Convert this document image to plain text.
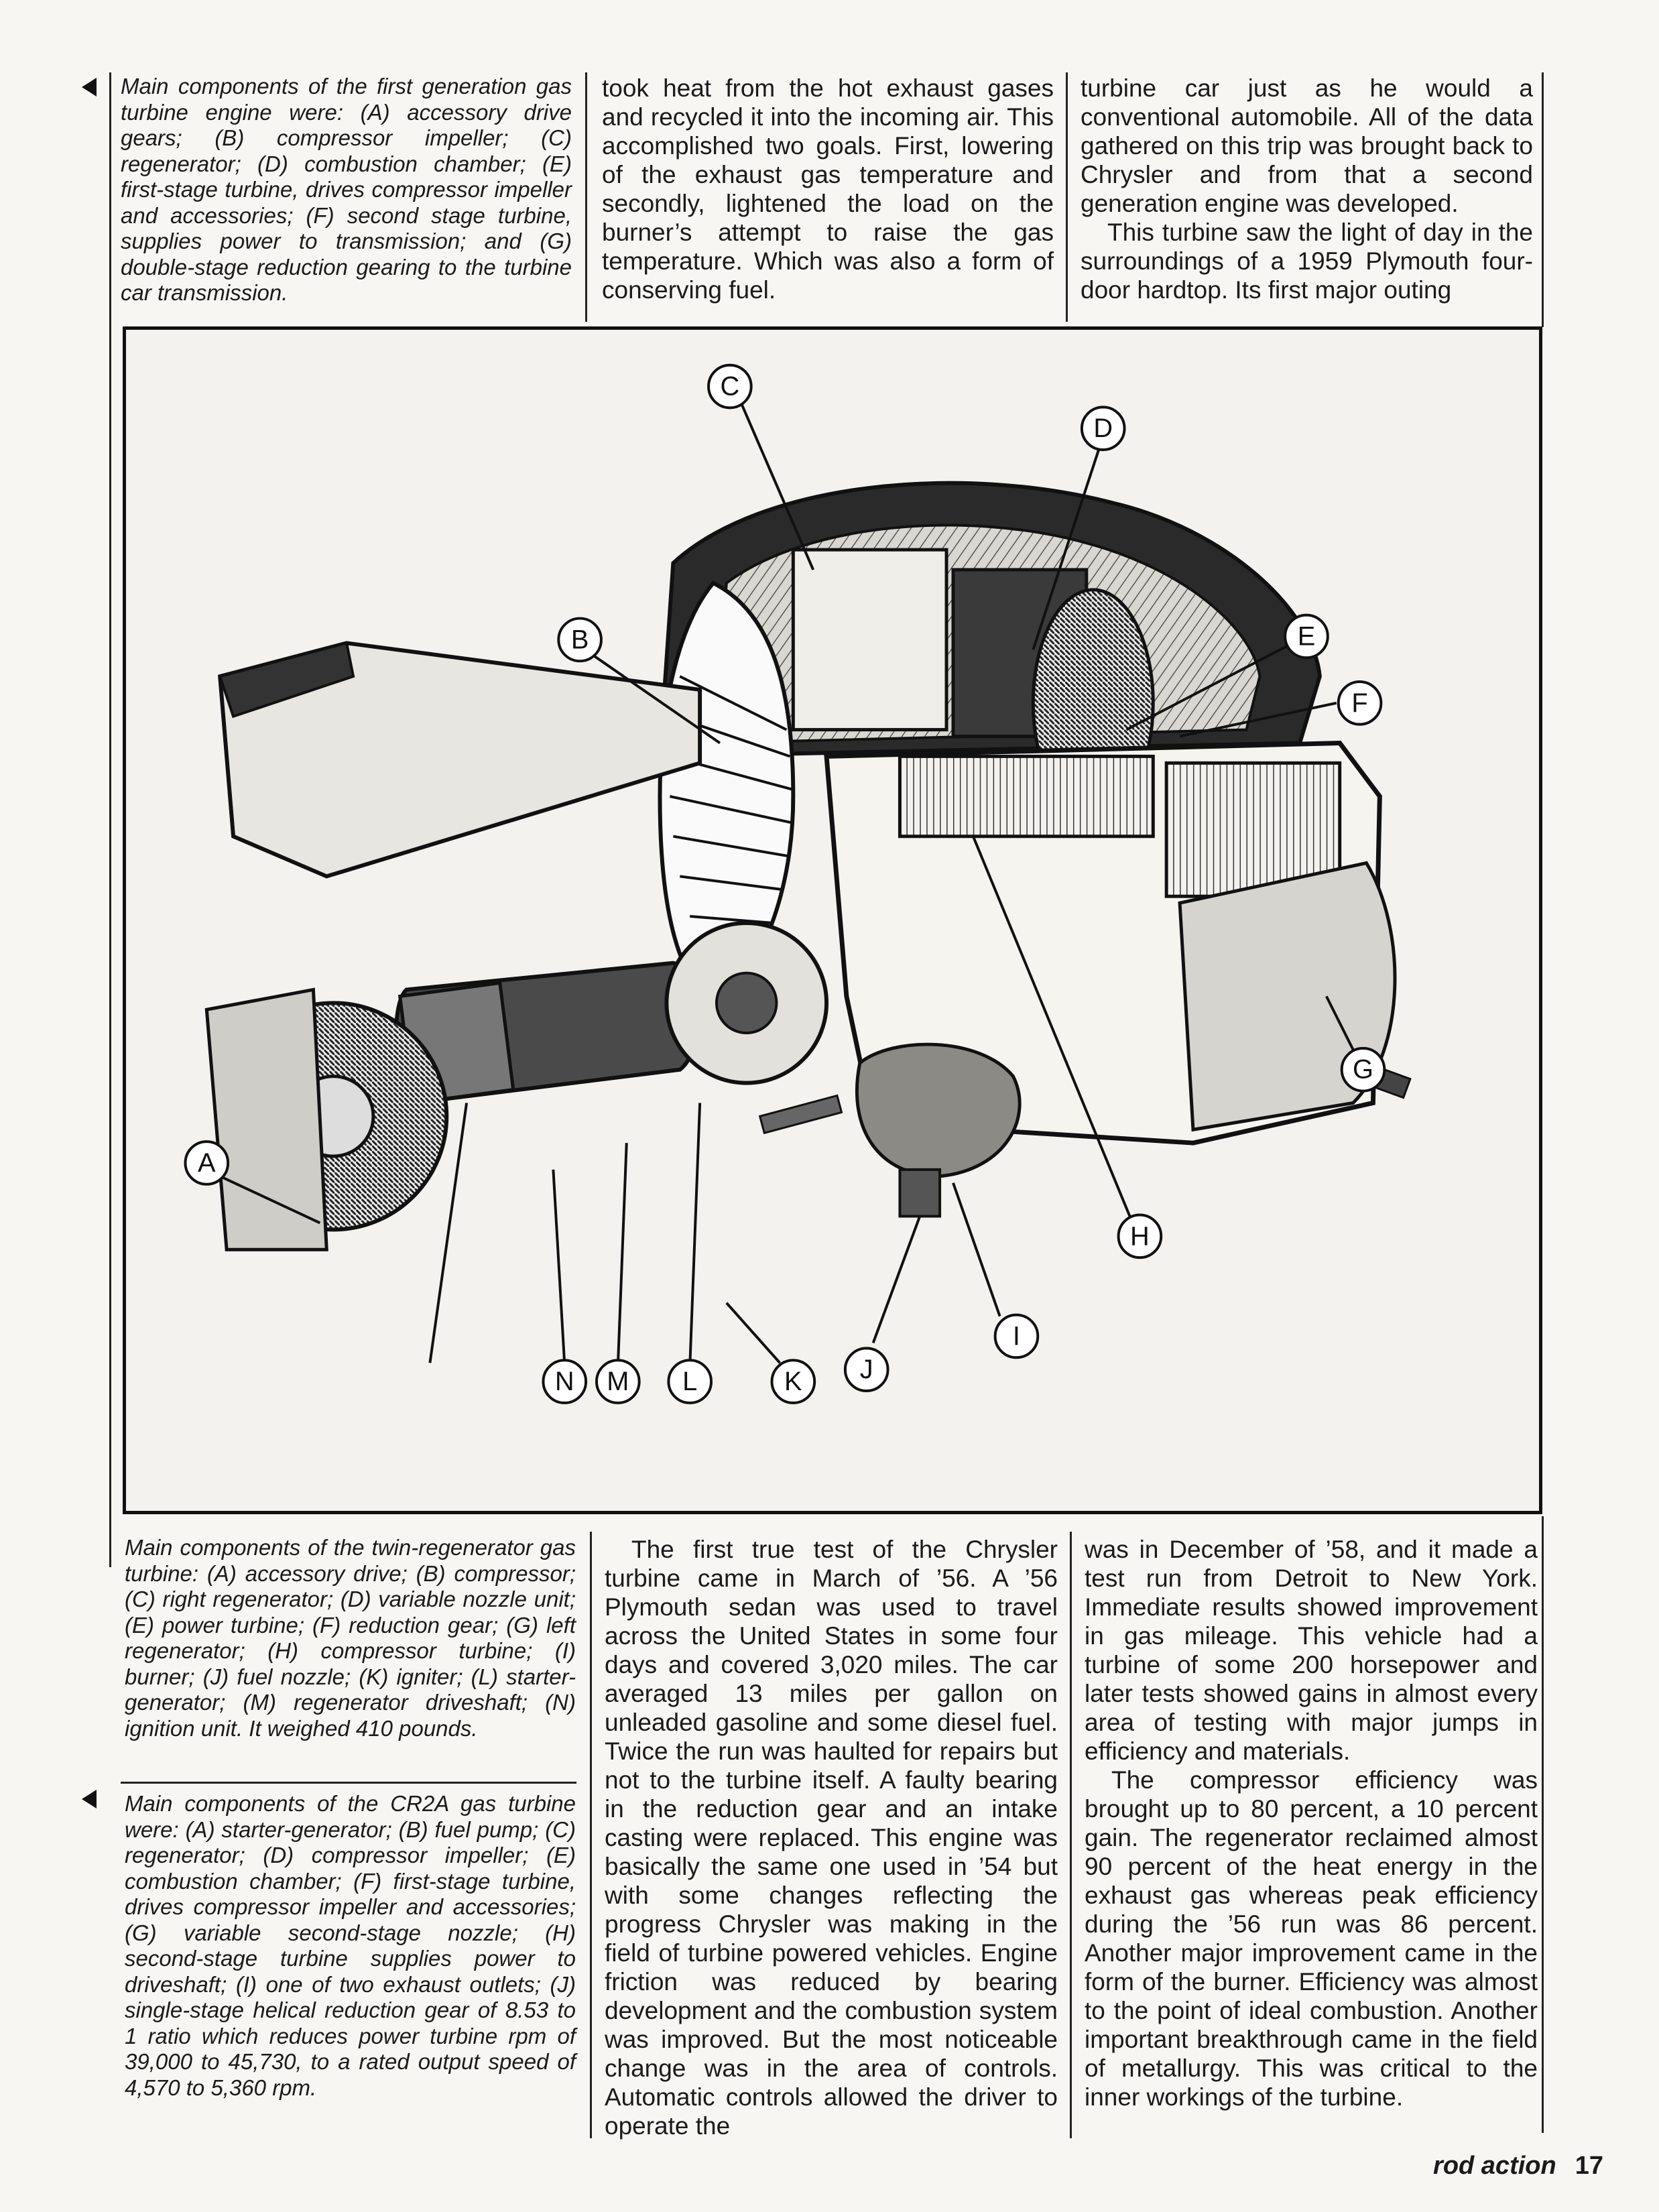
Main components of the first generation gas turbine engine were: (A) accessory drive gears; (B) compressor impeller; (C) regenerator; (D) combustion chamber; (E) first-stage turbine, drives compressor impeller and accessories; (F) second stage turbine, supplies power to transmission; and (G) double-stage reduction gearing to the turbine car transmission.
took heat from the hot exhaust gases and recycled it into the incoming air. This accomplished two goals. First, lowering of the exhaust gas temperature and secondly, lightened the load on the burner’s attempt to raise the gas temperature. Which was also a form of conserving fuel.
turbine car just as he would a conventional automobile. All of the data gathered on this trip was brought back to Chrysler and from that a second generation engine was developed.
This turbine saw the light of day in the surroundings of a 1959 Plymouth four-door hardtop. Its first major outing
A
B
C
D
E
F
G
H
I
J
K
L
M
N
Main components of the twin-regenerator gas turbine: (A) accessory drive; (B) compressor; (C) right regenerator; (D) variable nozzle unit; (E) power turbine; (F) reduction gear; (G) left regenerator; (H) compressor turbine; (I) burner; (J) fuel nozzle; (K) igniter; (L) starter-generator; (M) regenerator driveshaft; (N) ignition unit. It weighed 410 pounds.
Main components of the CR2A gas turbine were: (A) starter-generator; (B) fuel pump; (C) regenerator; (D) compressor impeller; (E) combustion chamber; (F) first-stage turbine, drives compressor impeller and accessories; (G) variable second-stage nozzle; (H) second-stage turbine supplies power to driveshaft; (I) one of two exhaust outlets; (J) single-stage helical reduction gear of 8.53 to 1 ratio which reduces power turbine rpm of 39,000 to 45,730, to a rated output speed of 4,570 to 5,360 rpm.
The first true test of the Chrysler turbine came in March of ’56. A ’56 Plymouth sedan was used to travel across the United States in some four days and covered 3,020 miles. The car averaged 13 miles per gallon on unleaded gasoline and some diesel fuel. Twice the run was haulted for repairs but not to the turbine itself. A faulty bearing in the reduction gear and an intake casting were replaced. This engine was basically the same one used in ’54 but with some changes reflecting the progress Chrysler was making in the field of turbine powered vehicles. Engine friction was reduced by bearing development and the combustion system was improved. But the most noticeable change was in the area of controls. Automatic controls allowed the driver to operate the
was in December of ’58, and it made a test run from Detroit to New York. Immediate results showed improvement in gas mileage. This vehicle had a turbine of some 200 horsepower and later tests showed gains in almost every area of testing with major jumps in efficiency and materials.
The compressor efficiency was brought up to 80 percent, a 10 percent gain. The regenerator reclaimed almost 90 percent of the heat energy in the exhaust gas whereas peak efficiency during the ’56 run was 86 percent. Another major improvement came in the form of the burner. Efficiency was almost to the point of ideal combustion. Another important breakthrough came in the field of metallurgy. This was critical to the inner workings of the turbine.
rod action 17
